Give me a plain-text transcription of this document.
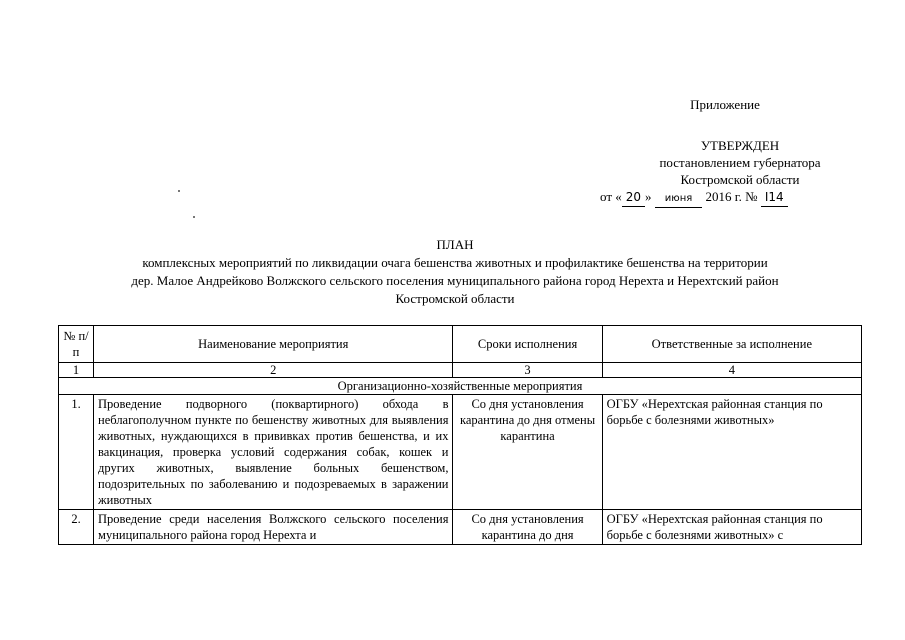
Приложение
УТВЕРЖДЕН
постановлением губернатора
Костромской области
от « 20 » июня 2016 г. № I14
ПЛАН
комплексных мероприятий по ликвидации очага бешенства животных и профилактике бешенства на территории
дер. Малое Андрейково Волжского сельского поселения муниципального района город Нерехта и Нерехтский район
Костромской области
№ п/п	Наименование мероприятия	Сроки исполнения	Ответственные за исполнение
1	2	3	4
Организационно-хозяйственные мероприятия			
1.	Проведение подворного (поквартирного) обхода в неблагополучном пункте по бешенству животных для выявления животных, нуждающихся в прививках против бешенства, и их вакцинация, проверка условий содержания собак, кошек и других животных, выявление больных бешенством, подозрительных по заболеванию и подозреваемых в заражении животных	Со дня установления карантина до дня отмены карантина	ОГБУ «Нерехтская районная станция по борьбе с болезнями животных»
2.	Проведение среди населения Волжского сельского поселения муниципального района город Нерехта и	Со дня установления карантина до дня	ОГБУ «Нерехтская районная станция по борьбе с болезнями животных» с
